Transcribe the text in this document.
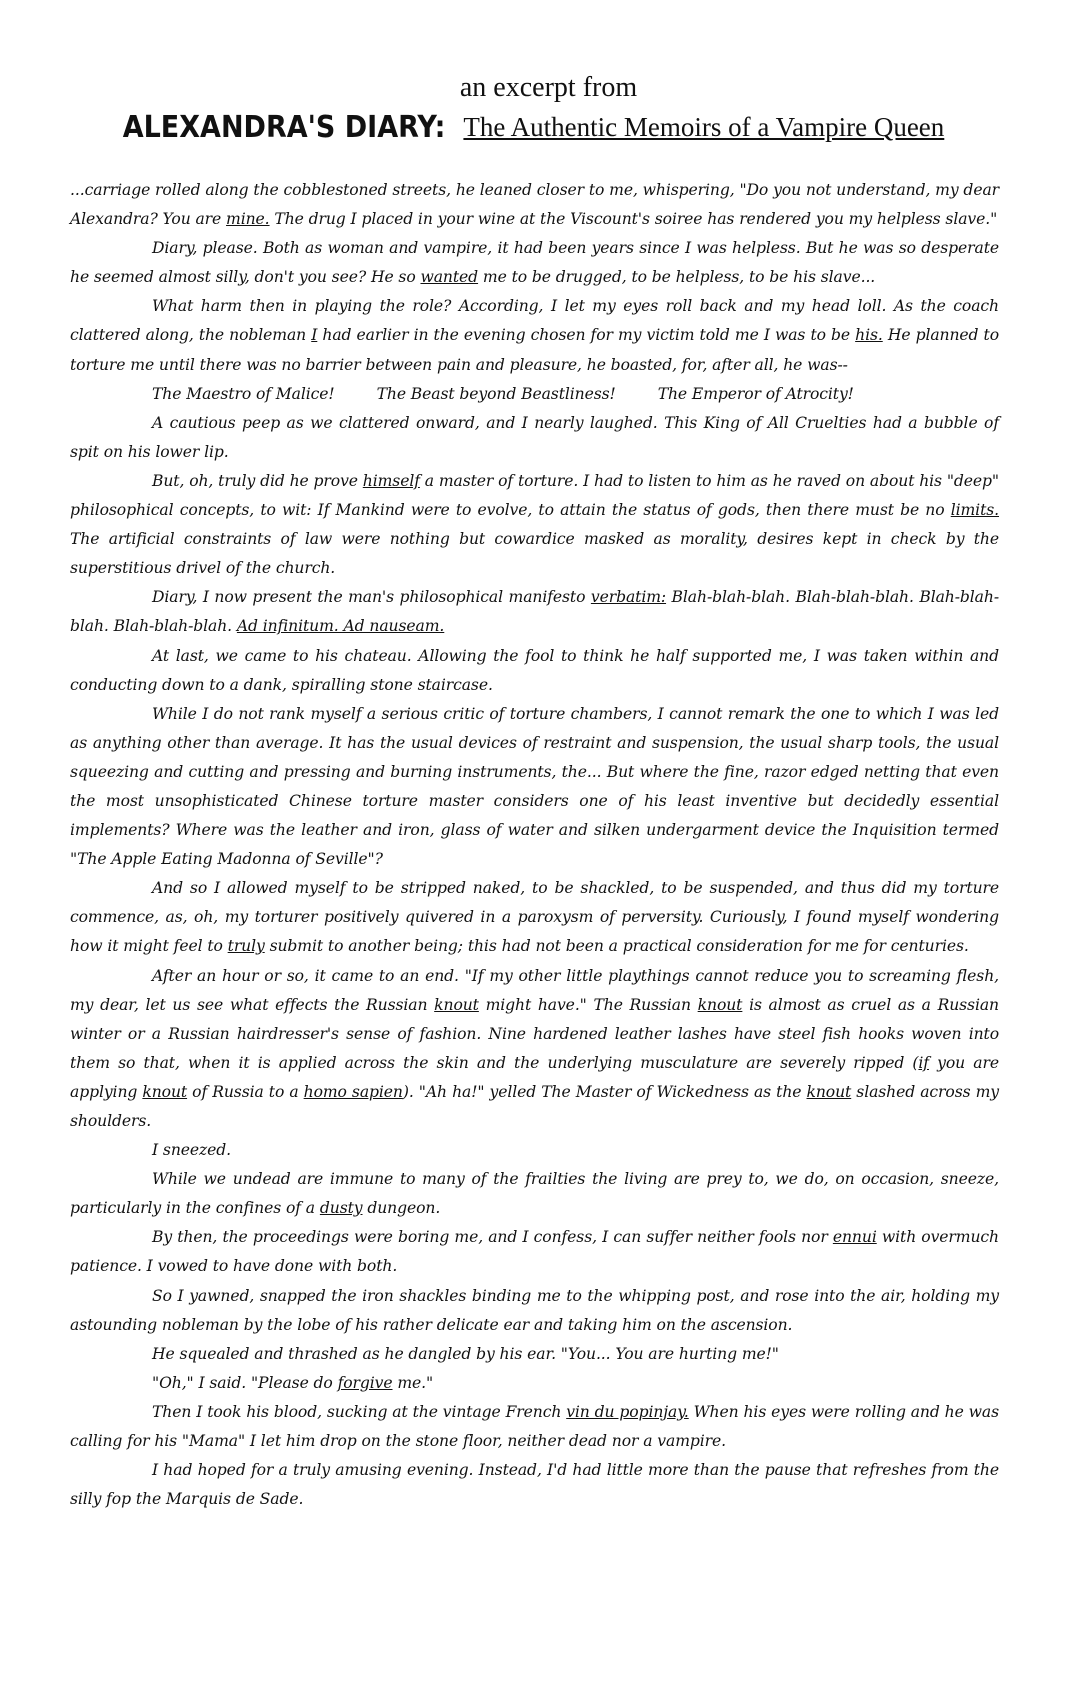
an excerpt from
ALEXANDRA'S DIARY: The Authentic Memoirs of a Vampire Queen

...carriage rolled along the cobblestoned streets, he leaned closer to me, whispering, "Do you not understand, my dear Alexandra? You are mine. The drug I placed in your wine at the Viscount's soiree has rendered you my helpless slave."

Diary, please. Both as woman and vampire, it had been years since I was helpless. But he was so desperate he seemed almost silly, don't you see? He so wanted me to be drugged, to be helpless, to be his slave...

What harm then in playing the role? According, I let my eyes roll back and my head loll. As the coach clattered along, the nobleman I had earlier in the evening chosen for my victim told me I was to be his. He planned to torture me until there was no barrier between pain and pleasure, he boasted, for, after all, he was--

The Maestro of Malice!	The Beast beyond Beastliness!	The Emperor of Atrocity!

A cautious peep as we clattered onward, and I nearly laughed. This King of All Cruelties had a bubble of spit on his lower lip.

But, oh, truly did he prove himself a master of torture. I had to listen to him as he raved on about his "deep" philosophical concepts, to wit: If Mankind were to evolve, to attain the status of gods, then there must be no limits. The artificial constraints of law were nothing but cowardice masked as morality, desires kept in check by the superstitious drivel of the church.

Diary, I now present the man's philosophical manifesto verbatim: Blah-blah-blah. Blah-blah-blah. Blah-blah-blah. Blah-blah-blah. Ad infinitum. Ad nauseam.

At last, we came to his chateau. Allowing the fool to think he half supported me, I was taken within and conducting down to a dank, spiralling stone staircase.

While I do not rank myself a serious critic of torture chambers, I cannot remark the one to which I was led as anything other than average. It has the usual devices of restraint and suspension, the usual sharp tools, the usual squeezing and cutting and pressing and burning instruments, the... But where the fine, razor edged netting that even the most unsophisticated Chinese torture master considers one of his least inventive but decidedly essential implements? Where was the leather and iron, glass of water and silken undergarment device the Inquisition termed "The Apple Eating Madonna of Seville"?

And so I allowed myself to be stripped naked, to be shackled, to be suspended, and thus did my torture commence, as, oh, my torturer positively quivered in a paroxysm of perversity. Curiously, I found myself wondering how it might feel to truly submit to another being; this had not been a practical consideration for me for centuries.

After an hour or so, it came to an end. "If my other little playthings cannot reduce you to screaming flesh, my dear, let us see what effects the Russian knout might have." The Russian knout is almost as cruel as a Russian winter or a Russian hairdresser's sense of fashion. Nine hardened leather lashes have steel fish hooks woven into them so that, when it is applied across the skin and the underlying musculature are severely ripped (if you are applying knout of Russia to a homo sapien). "Ah ha!" yelled The Master of Wickedness as the knout slashed across my shoulders.

I sneezed.

While we undead are immune to many of the frailties the living are prey to, we do, on occasion, sneeze, particularly in the confines of a dusty dungeon.

By then, the proceedings were boring me, and I confess, I can suffer neither fools nor ennui with overmuch patience. I vowed to have done with both.

So I yawned, snapped the iron shackles binding me to the whipping post, and rose into the air, holding my astounding nobleman by the lobe of his rather delicate ear and taking him on the ascension.

He squealed and thrashed as he dangled by his ear. "You... You are hurting me!"

"Oh," I said. "Please do forgive me."

Then I took his blood, sucking at the vintage French vin du popinjay. When his eyes were rolling and he was calling for his "Mama" I let him drop on the stone floor, neither dead nor a vampire.

I had hoped for a truly amusing evening. Instead, I'd had little more than the pause that refreshes from the silly fop the Marquis de Sade.
